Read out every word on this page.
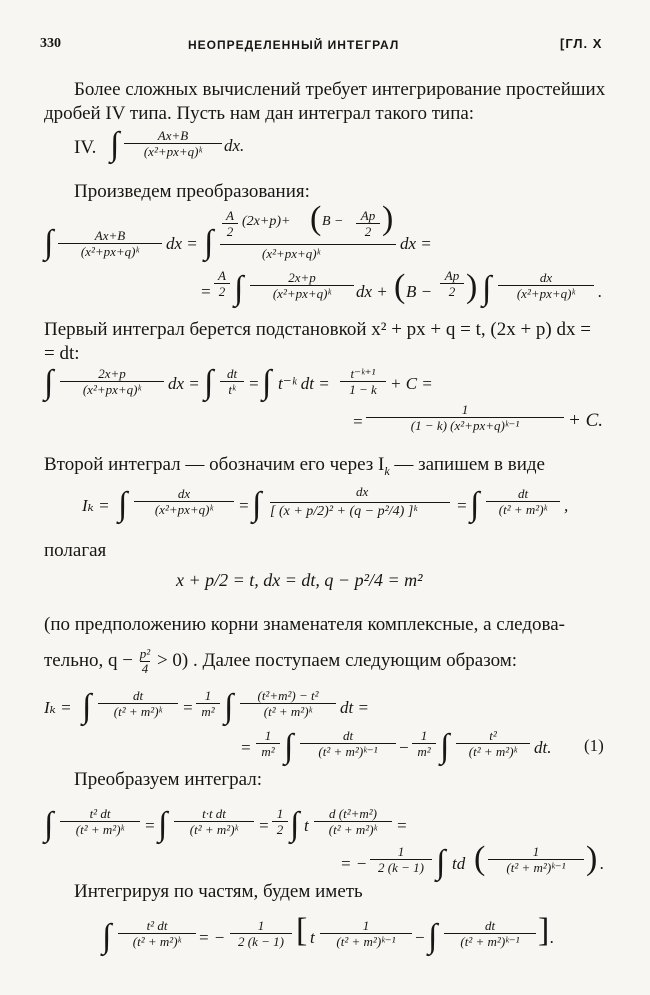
330	НЕОПРЕДЕЛЕННЫЙ ИНТЕГРАЛ	[ГЛ. X
Более сложных вычислений требует интегрирование простейших
дробей IV типа. Пусть нам дан интеграл такого типа:
IV. ∫	Ax+B
(x²+px+q)ᵏ	dx.
Произведем преобразования:
∫	Ax+B
(x²+px+q)ᵏ	dx = ∫
A
2
(2x+p)+ ( B −	Ap
2 )
(x²+px+q)ᵏ
dx =
=
A
2 ∫	2x+p
(x²+px+q)ᵏ	dx + ( B −
Ap
2 ) ∫	dx
(x²+px+q)ᵏ	.
Первый интеграл берется подстановкой x² + px + q = t, (2x + p) dx =
= dt:
∫	2x+p
(x²+px+q)ᵏ	dx = ∫	dt
tᵏ = ∫ t⁻ᵏ dt =
t⁻ᵏ⁺¹
1 − k + C =
=
1
(1 − k) (x²+px+q)ᵏ⁻¹	+ C.
Второй интеграл — обозначим его через $I_k$ — запишем в виде
Iₖ = ∫	dx
(x²+px+q)ᵏ	= ∫	dx
[ (x + p/2)² + (q − p²/4) ]ᵏ = ∫	dt
(t² + m²)ᵏ ,
полагая
x + p/2 = t, dx = dt, q − p²/4 = m²
(по предположению корни знаменателя комплексные, а следова-
тельно, $q - \frac{\text{p²}}{4} > 0$) . Далее поступаем следующим образом:
Iₖ = ∫	dt
(t² + m²)ᵏ	=
1
m² ∫	(t²+m²) − t²
(t² + m²)ᵏ	dt =
=
1
m² ∫	dt
(t² + m²)ᵏ⁻¹	−
1
m² ∫	t²
(t² + m²)ᵏ dt. (1)
Преобразуем интеграл:
∫	t² dt
(t² + m²)ᵏ	= ∫	t·t dt
(t² + m²)ᵏ	=
1
2 ∫ t
d (t²+m²)
(t² + m²)ᵏ	=
= −
1
2 (k − 1) ∫ td (	1
(t² + m²)ᵏ⁻¹ ) .
Интегрируя по частям, будем иметь
∫	t² dt
(t² + m²)ᵏ = −
1
2 (k − 1) [ t
1
(t² + m²)ᵏ⁻¹	− ∫	dt
(t² + m²)ᵏ⁻¹ ] .
